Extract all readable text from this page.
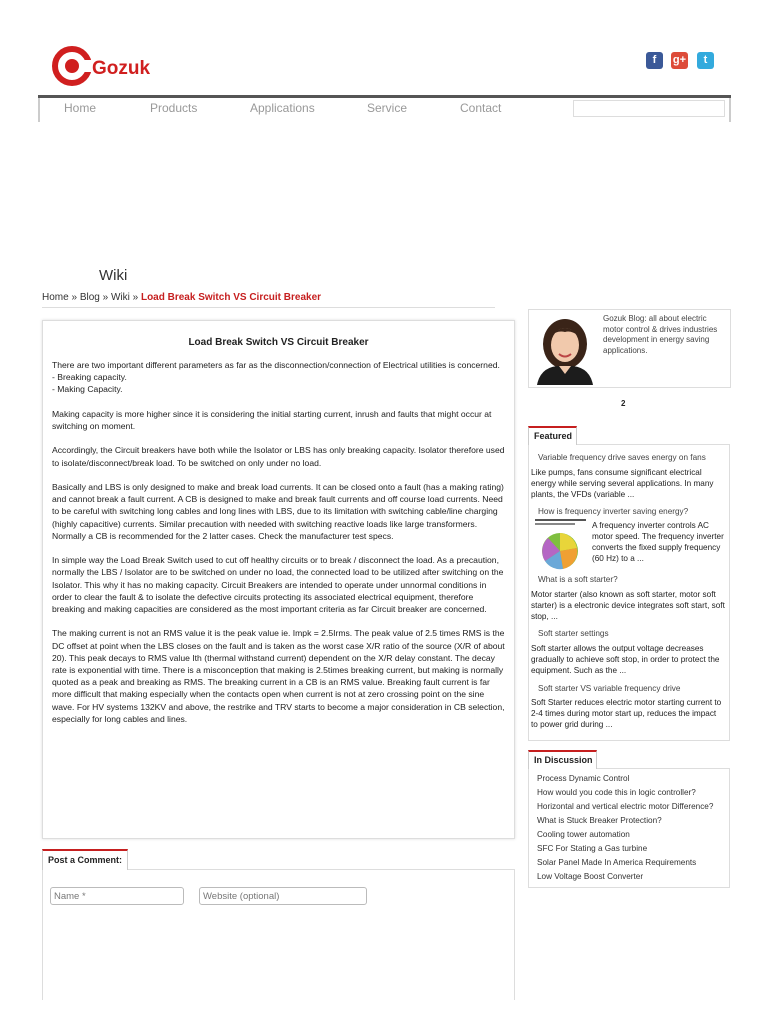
Gozuk	f	g+	t
Home	Products	Applications	Service	Contact
Wiki
Home » Blog » Wiki » Load Break Switch VS Circuit Breaker
Load Break Switch VS Circuit Breaker

There are two important different parameters as far as the disconnection/connection of Electrical utilities is concerned.
- Breaking capacity.
- Making Capacity.

Making capacity is more higher since it is considering the initial starting current, inrush and faults that might occur at switching on moment.

Accordingly, the Circuit breakers have both while the Isolator or LBS has only breaking capacity. Isolator therefore used to isolate/disconnect/break load. To be switched on only under no load.

Basically and LBS is only designed to make and break load currents. It can be closed onto a fault (has a making rating) and cannot break a fault current. A CB is designed to make and break fault currents and off course load currents. Need to be careful with switching long cables and long lines with LBS, due to its limitation with switching cable/line charging (highly capacitive) currents. Similar precaution with needed with switching reactive loads like large transformers. Normally a CB is recommended for the 2 latter cases. Check the manufacturer test specs.

In simple way the Load Break Switch used to cut off healthy circuits or to break / disconnect the load. As a precaution, normally the LBS / Isolator are to be switched on under no load, the connected load to be utilized after switching on the Isolator. This why it has no making capacity. Circuit Breakers are intended to operate under unnormal conditions in order to clear the fault & to isolate the defective circuits protecting its associated electrical equipment, therefore breaking and making capacities are considered as the most important criteria as far Circuit breaker are concerned.

The making current is not an RMS value it is the peak value ie. Impk = 2.5Irms. The peak value of 2.5 times RMS is the DC offset at point when the LBS closes on the fault and is taken as the worst case X/R ratio of the source (X/R of about 20). This peak decays to RMS value Ith (thermal withstand current) dependent on the X/R delay constant. The decay rate is exponential with time. There is a misconception that making is 2.5times breaking current, but making is normally quoted as a peak and breaking as RMS. The breaking current in a CB is an RMS value. Breaking fault current is far more difficult that making especially when the contacts open when current is not at zero crossing point on the sine wave. For HV systems 132KV and above, the restrike and TRV starts to become a major consideration in CB selection, especially for long cables and lines.

Post a Comment:
Name *	Website (optional)
Gozuk Blog: all about electric motor control & drives industries development in energy saving applications.
2
Featured
Variable frequency drive saves energy on fans
Like pumps, fans consume significant electrical energy while serving several applications. In many plants, the VFDs (variable ...
How is frequency inverter saving energy?
A frequency inverter controls AC motor speed. The frequency inverter converts the fixed supply frequency (60 Hz) to a ...
What is a soft starter?
Motor starter (also known as soft starter, motor soft starter) is a electronic device integrates soft start, soft stop, ...
Soft starter settings
Soft starter allows the output voltage decreases gradually to achieve soft stop, in order to protect the equipment. Such as the ...
Soft starter VS variable frequency drive
Soft Starter reduces electric motor starting current to 2-4 times during motor start up, reduces the impact to power grid during ...
In Discussion
Process Dynamic Control
How would you code this in logic controller?
Horizontal and vertical electric motor Difference?
What is Stuck Breaker Protection?
Cooling tower automation
SFC For Stating a Gas turbine
Solar Panel Made In America Requirements
Low Voltage Boost Converter
